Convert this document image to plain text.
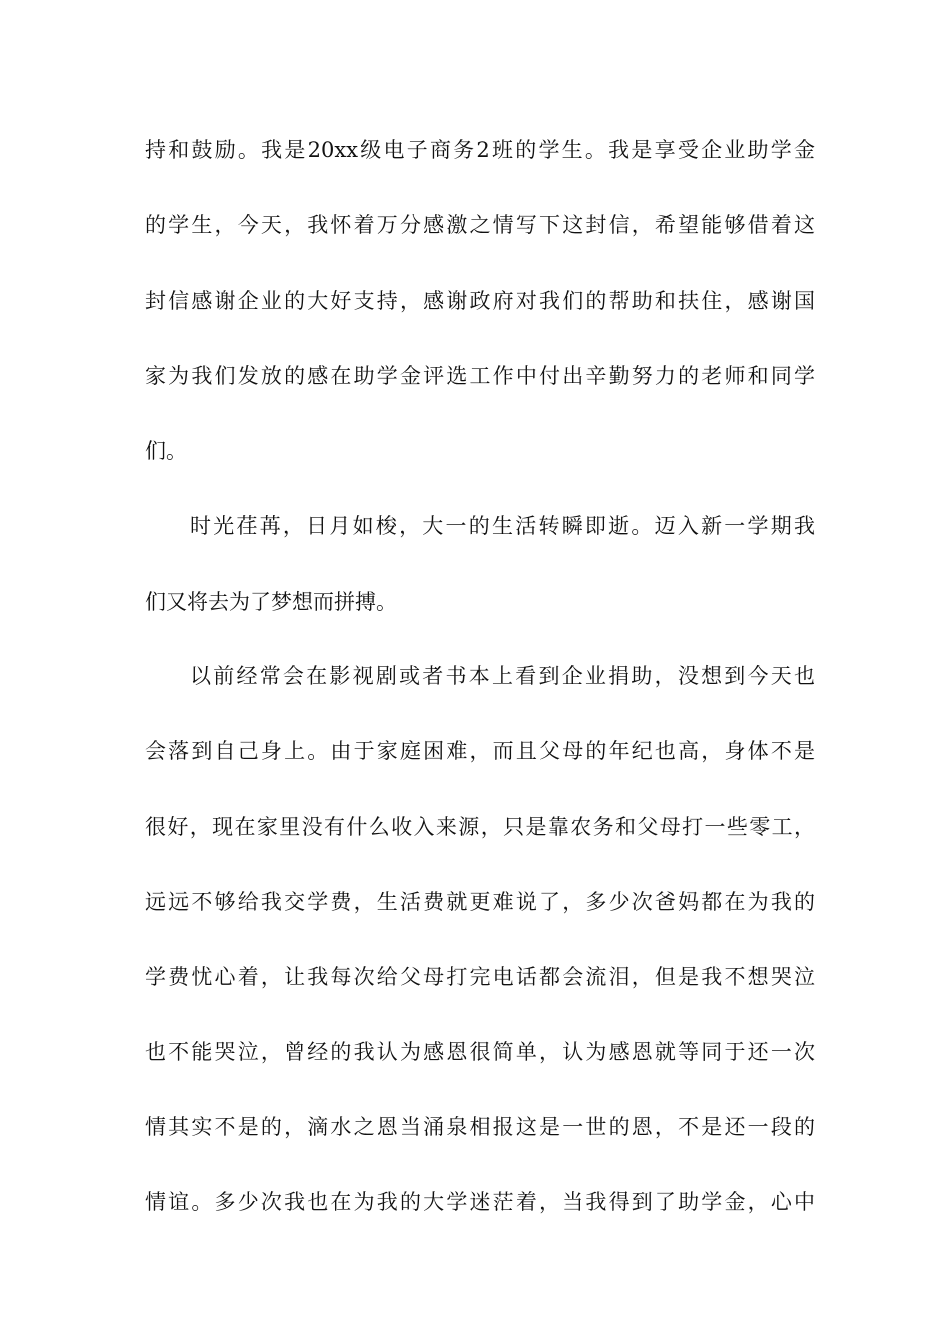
持和鼓励。我是20xx级电子商务2班的学生。我是享受企业助学金

的学生，今天，我怀着万分感激之情写下这封信，希望能够借着这

封信感谢企业的大好支持，感谢政府对我们的帮助和扶住，感谢国

家为我们发放的感在助学金评选工作中付出辛勤努力的老师和同学

们。

时光荏苒，日月如梭，大一的生活转瞬即逝。迈入新一学期我

们又将去为了梦想而拼搏。

以前经常会在影视剧或者书本上看到企业捐助，没想到今天也

会落到自己身上。由于家庭困难，而且父母的年纪也高，身体不是

很好，现在家里没有什么收入来源，只是靠农务和父母打一些零工，

远远不够给我交学费，生活费就更难说了，多少次爸妈都在为我的

学费忧心着，让我每次给父母打完电话都会流泪，但是我不想哭泣

也不能哭泣，曾经的我认为感恩很简单，认为感恩就等同于还一次

情其实不是的，滴水之恩当涌泉相报这是一世的恩，不是还一段的

情谊。多少次我也在为我的大学迷茫着，当我得到了助学金，心中
